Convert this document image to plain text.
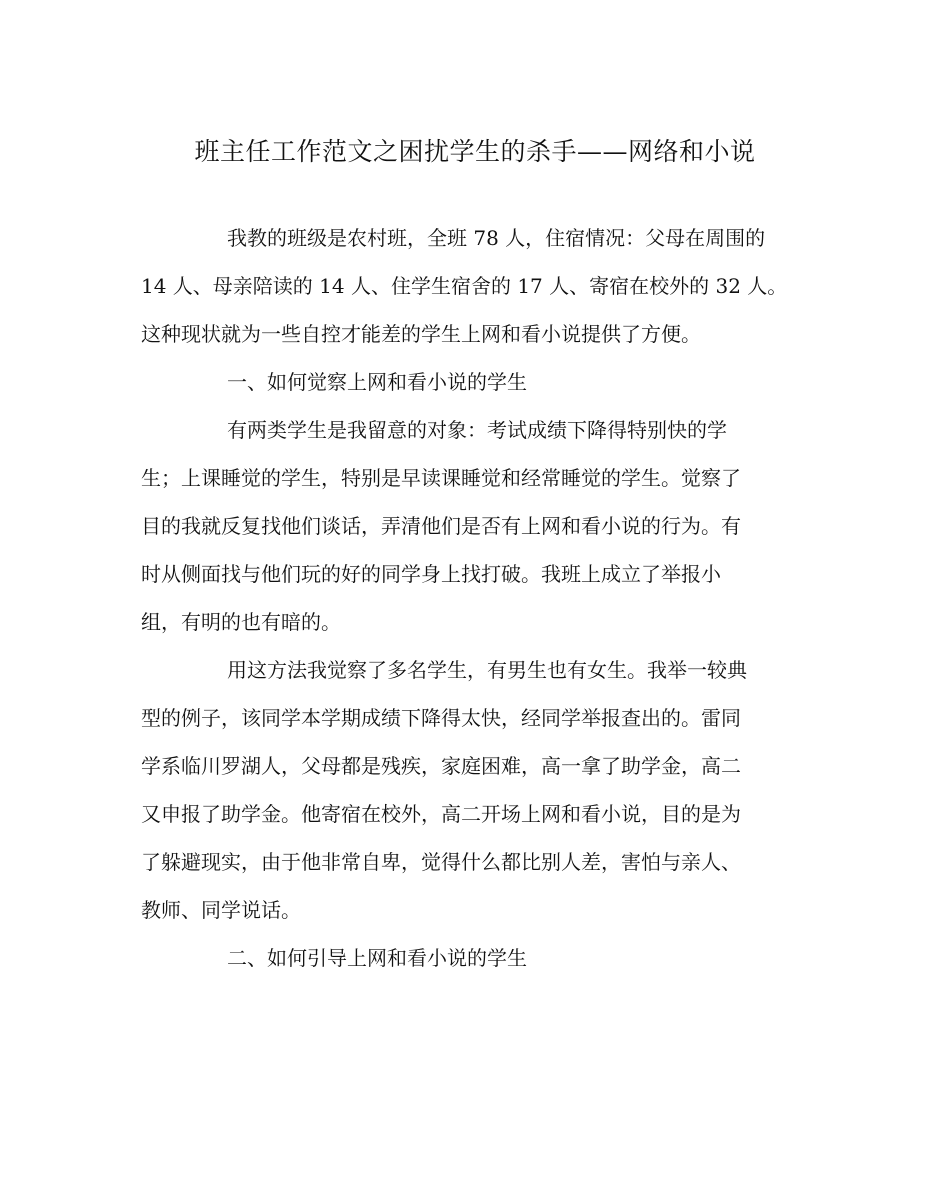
班主任工作范文之困扰学生的杀手——网络和小说
我教的班级是农村班，全班 78 人，住宿情况：父母在周围的
14 人、母亲陪读的 14 人、住学生宿舍的 17 人、寄宿在校外的 32 人。
这种现状就为一些自控才能差的学生上网和看小说提供了方便。
一、如何觉察上网和看小说的学生
有两类学生是我留意的对象：考试成绩下降得特别快的学
生；上课睡觉的学生，特别是早读课睡觉和经常睡觉的学生。觉察了
目的我就反复找他们谈话，弄清他们是否有上网和看小说的行为。有
时从侧面找与他们玩的好的同学身上找打破。我班上成立了举报小
组，有明的也有暗的。
用这方法我觉察了多名学生，有男生也有女生。我举一较典
型的例子，该同学本学期成绩下降得太快，经同学举报查出的。雷同
学系临川罗湖人，父母都是残疾，家庭困难，高一拿了助学金，高二
又申报了助学金。他寄宿在校外，高二开场上网和看小说，目的是为
了躲避现实，由于他非常自卑，觉得什么都比别人差，害怕与亲人、
教师、同学说话。
二、如何引导上网和看小说的学生
